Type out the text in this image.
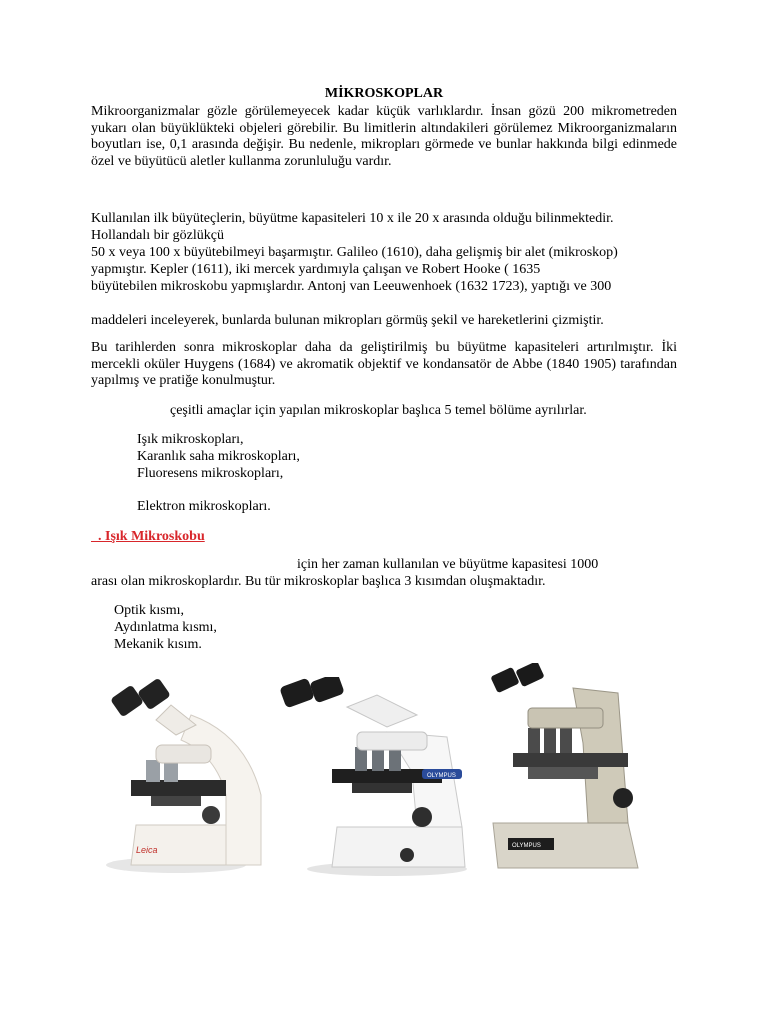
MİKROSKOPLAR
Mikroorganizmalar gözle görülemeyecek kadar küçük varlıklardır. İnsan gözü 200 mikrometreden yukarı olan büyüklükteki objeleri görebilir. Bu limitlerin altındakileri görülemez Mikroorganizmaların boyutları ise, 0,1 arasında değişir. Bu nedenle, mikropları görmede ve bunlar hakkında bilgi edinmede özel ve büyütücü aletler kullanma zorunluluğu vardır.
Kullanılan ilk büyüteçlerin, büyütme kapasiteleri 10 x ile 20 x arasında olduğu bilinmektedir.
Hollandalı bir gözlükçü
50 x veya 100 x büyütebilmeyi başarmıştır. Galileo (1610), daha gelişmiş bir alet (mikroskop)
yapmıştır. Kepler (1611), iki mercek yardımıyla çalışan ve Robert Hooke ( 1635
büyütebilen mikroskobu yapmışlardır. Antonj van Leeuwenhoek (1632 1723), yaptığı ve 300
maddeleri inceleyerek, bunlarda bulunan mikropları görmüş şekil ve hareketlerini çizmiştir.
Bu tarihlerden sonra mikroskoplar daha da geliştirilmiş bu büyütme kapasiteleri artırılmıştır. İki mercekli oküler Huygens (1684) ve akromatik objektif ve kondansatör de Abbe (1840 1905) tarafından yapılmış ve pratiğe konulmuştur.
çeşitli amaçlar için yapılan mikroskoplar başlıca 5 temel bölüme ayrılırlar.
Işık mikroskopları,
Karanlık saha mikroskopları,
Fluoresens mikroskopları,
Elektron mikroskopları.
. Işık Mikroskobu
için her zaman kullanılan ve büyütme kapasitesi 1000
arası olan mikroskoplardır. Bu tür mikroskoplar başlıca 3 kısımdan oluşmaktadır.
Optik kısmı,
Aydınlatma kısmı,
Mekanik kısım.
Leica
OLYMPUS
OLYMPUS
